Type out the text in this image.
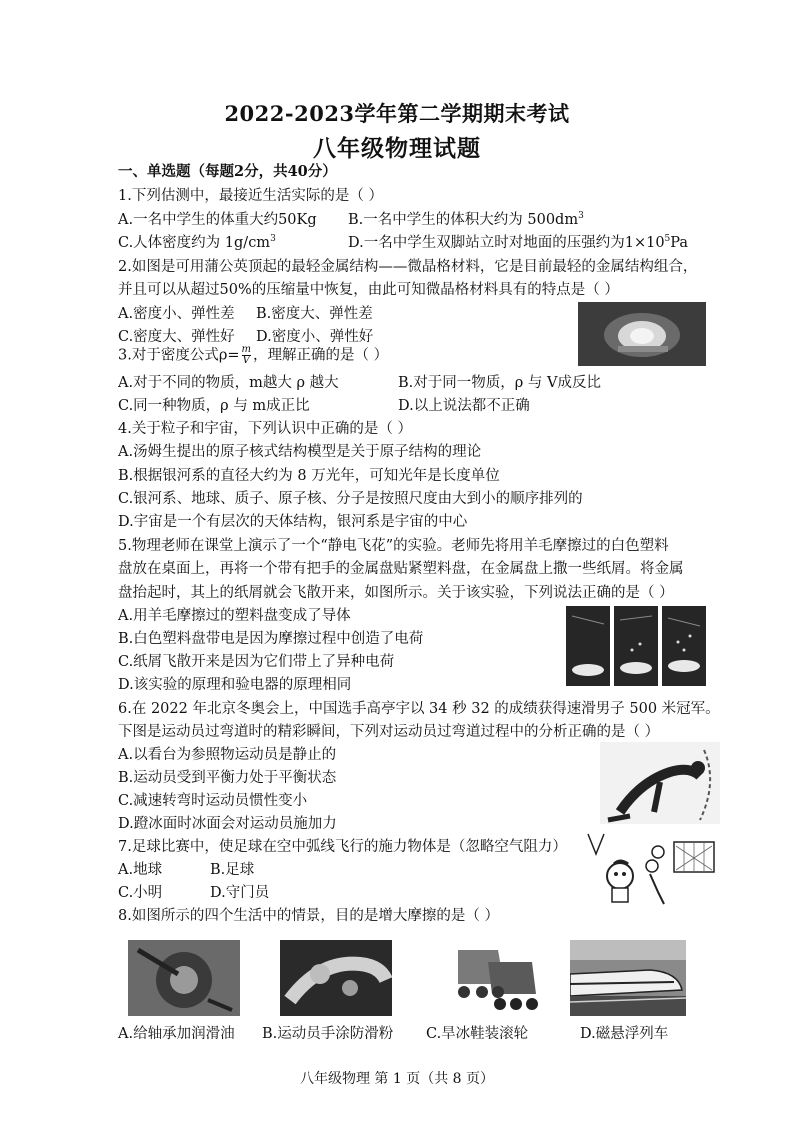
2022-2023学年第二学期期末考试
八年级物理试题
一、单选题（每题2分，共40分）
1.下列估测中，最接近生活实际的是（ ）
A.一名中学生的体重大约50Kg B.一名中学生的体积大约为 $500dm^3$
C.人体密度约为 $1g/cm^3$	D.一名中学生双脚站立时对地面的压强约为$1\times 10^5Pa$
2.如图是可用蒲公英顶起的最轻金属结构——微晶格材料，它是目前最轻的金属结构组合，
并且可以从超过50%的压缩量中恢复，由此可知微晶格材料具有的特点是（ ）
A.密度小、弹性差 B.密度大、弹性差
C.密度大、弹性好 D.密度小、弹性好
3.对于密度公式$\rho= \frac{m}{V}$ ，理解正确的是（ ）
A.对于不同的物质，m越大 ρ 越大	B.对于同一物质，ρ 与 V成反比
C.同一种物质，ρ 与 m成正比	D.以上说法都不正确
4.关于粒子和宇宙，下列认识中正确的是（ ）
A.汤姆生提出的原子核式结构模型是关于原子结构的理论
B.根据银河系的直径大约为 8 万光年，可知光年是长度单位
C.银河系、地球、质子、原子核、分子是按照尺度由大到小的顺序排列的
D.宇宙是一个有层次的天体结构，银河系是宇宙的中心
5.物理老师在课堂上演示了一个“静电飞花”的实验。老师先将用羊毛摩擦过的白色塑料
盘放在桌面上，再将一个带有把手的金属盘贴紧塑料盘，在金属盘上撒一些纸屑。将金属
盘抬起时，其上的纸屑就会飞散开来，如图所示。关于该实验，下列说法正确的是（ ）
A.用羊毛摩擦过的塑料盘变成了导体
B.白色塑料盘带电是因为摩擦过程中创造了电荷
C.纸屑飞散开来是因为它们带上了异种电荷
D.该实验的原理和验电器的原理相同
6.在 2022 年北京冬奥会上，中国选手高亭宇以 34 秒 32 的成绩获得速滑男子 500 米冠军。
下图是运动员过弯道时的精彩瞬间，下列对运动员过弯道过程中的分析正确的是（ ）
A.以看台为参照物运动员是静止的
B.运动员受到平衡力处于平衡状态
C.减速转弯时运动员惯性变小
D.蹬冰面时冰面会对运动员施加力
7.足球比赛中，使足球在空中弧线飞行的施力物体是（忽略空气阻力）
A.地球	B.足球
C.小明	D.守门员
8.如图所示的四个生活中的情景，目的是增大摩擦的是（ ）
A.给轴承加润滑油 B.运动员手涂防滑粉 C.旱冰鞋装滚轮	D.磁悬浮列车
八年级物理 第 1 页（共 8 页）
